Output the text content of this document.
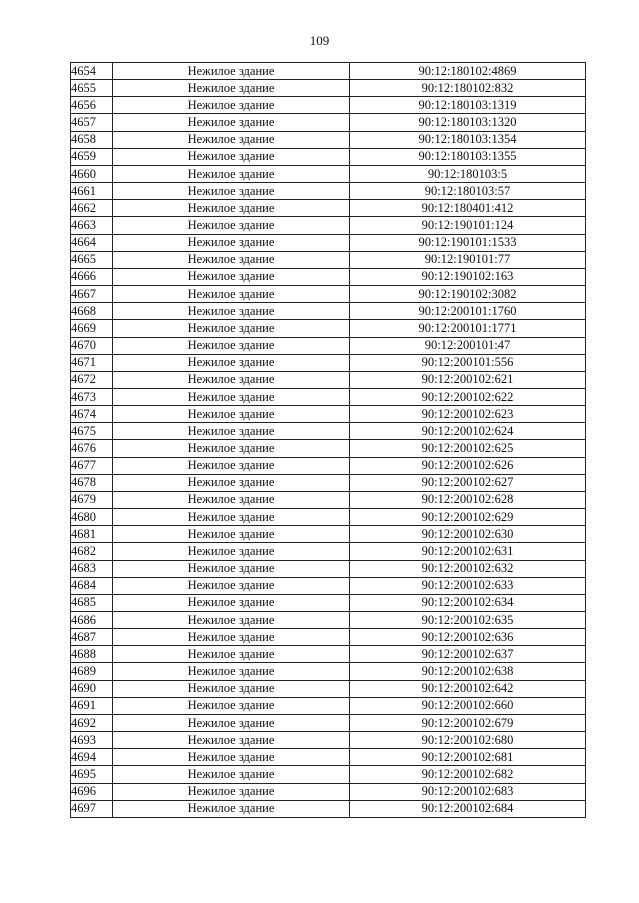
109
4654	Нежилое здание	90:12:180102:4869
4655	Нежилое здание	90:12:180102:832
4656	Нежилое здание	90:12:180103:1319
4657	Нежилое здание	90:12:180103:1320
4658	Нежилое здание	90:12:180103:1354
4659	Нежилое здание	90:12:180103:1355
4660	Нежилое здание	90:12:180103:5
4661	Нежилое здание	90:12:180103:57
4662	Нежилое здание	90:12:180401:412
4663	Нежилое здание	90:12:190101:124
4664	Нежилое здание	90:12:190101:1533
4665	Нежилое здание	90:12:190101:77
4666	Нежилое здание	90:12:190102:163
4667	Нежилое здание	90:12:190102:3082
4668	Нежилое здание	90:12:200101:1760
4669	Нежилое здание	90:12:200101:1771
4670	Нежилое здание	90:12:200101:47
4671	Нежилое здание	90:12:200101:556
4672	Нежилое здание	90:12:200102:621
4673	Нежилое здание	90:12:200102:622
4674	Нежилое здание	90:12:200102:623
4675	Нежилое здание	90:12:200102:624
4676	Нежилое здание	90:12:200102:625
4677	Нежилое здание	90:12:200102:626
4678	Нежилое здание	90:12:200102:627
4679	Нежилое здание	90:12:200102:628
4680	Нежилое здание	90:12:200102:629
4681	Нежилое здание	90:12:200102:630
4682	Нежилое здание	90:12:200102:631
4683	Нежилое здание	90:12:200102:632
4684	Нежилое здание	90:12:200102:633
4685	Нежилое здание	90:12:200102:634
4686	Нежилое здание	90:12:200102:635
4687	Нежилое здание	90:12:200102:636
4688	Нежилое здание	90:12:200102:637
4689	Нежилое здание	90:12:200102:638
4690	Нежилое здание	90:12:200102:642
4691	Нежилое здание	90:12:200102:660
4692	Нежилое здание	90:12:200102:679
4693	Нежилое здание	90:12:200102:680
4694	Нежилое здание	90:12:200102:681
4695	Нежилое здание	90:12:200102:682
4696	Нежилое здание	90:12:200102:683
4697	Нежилое здание	90:12:200102:684
